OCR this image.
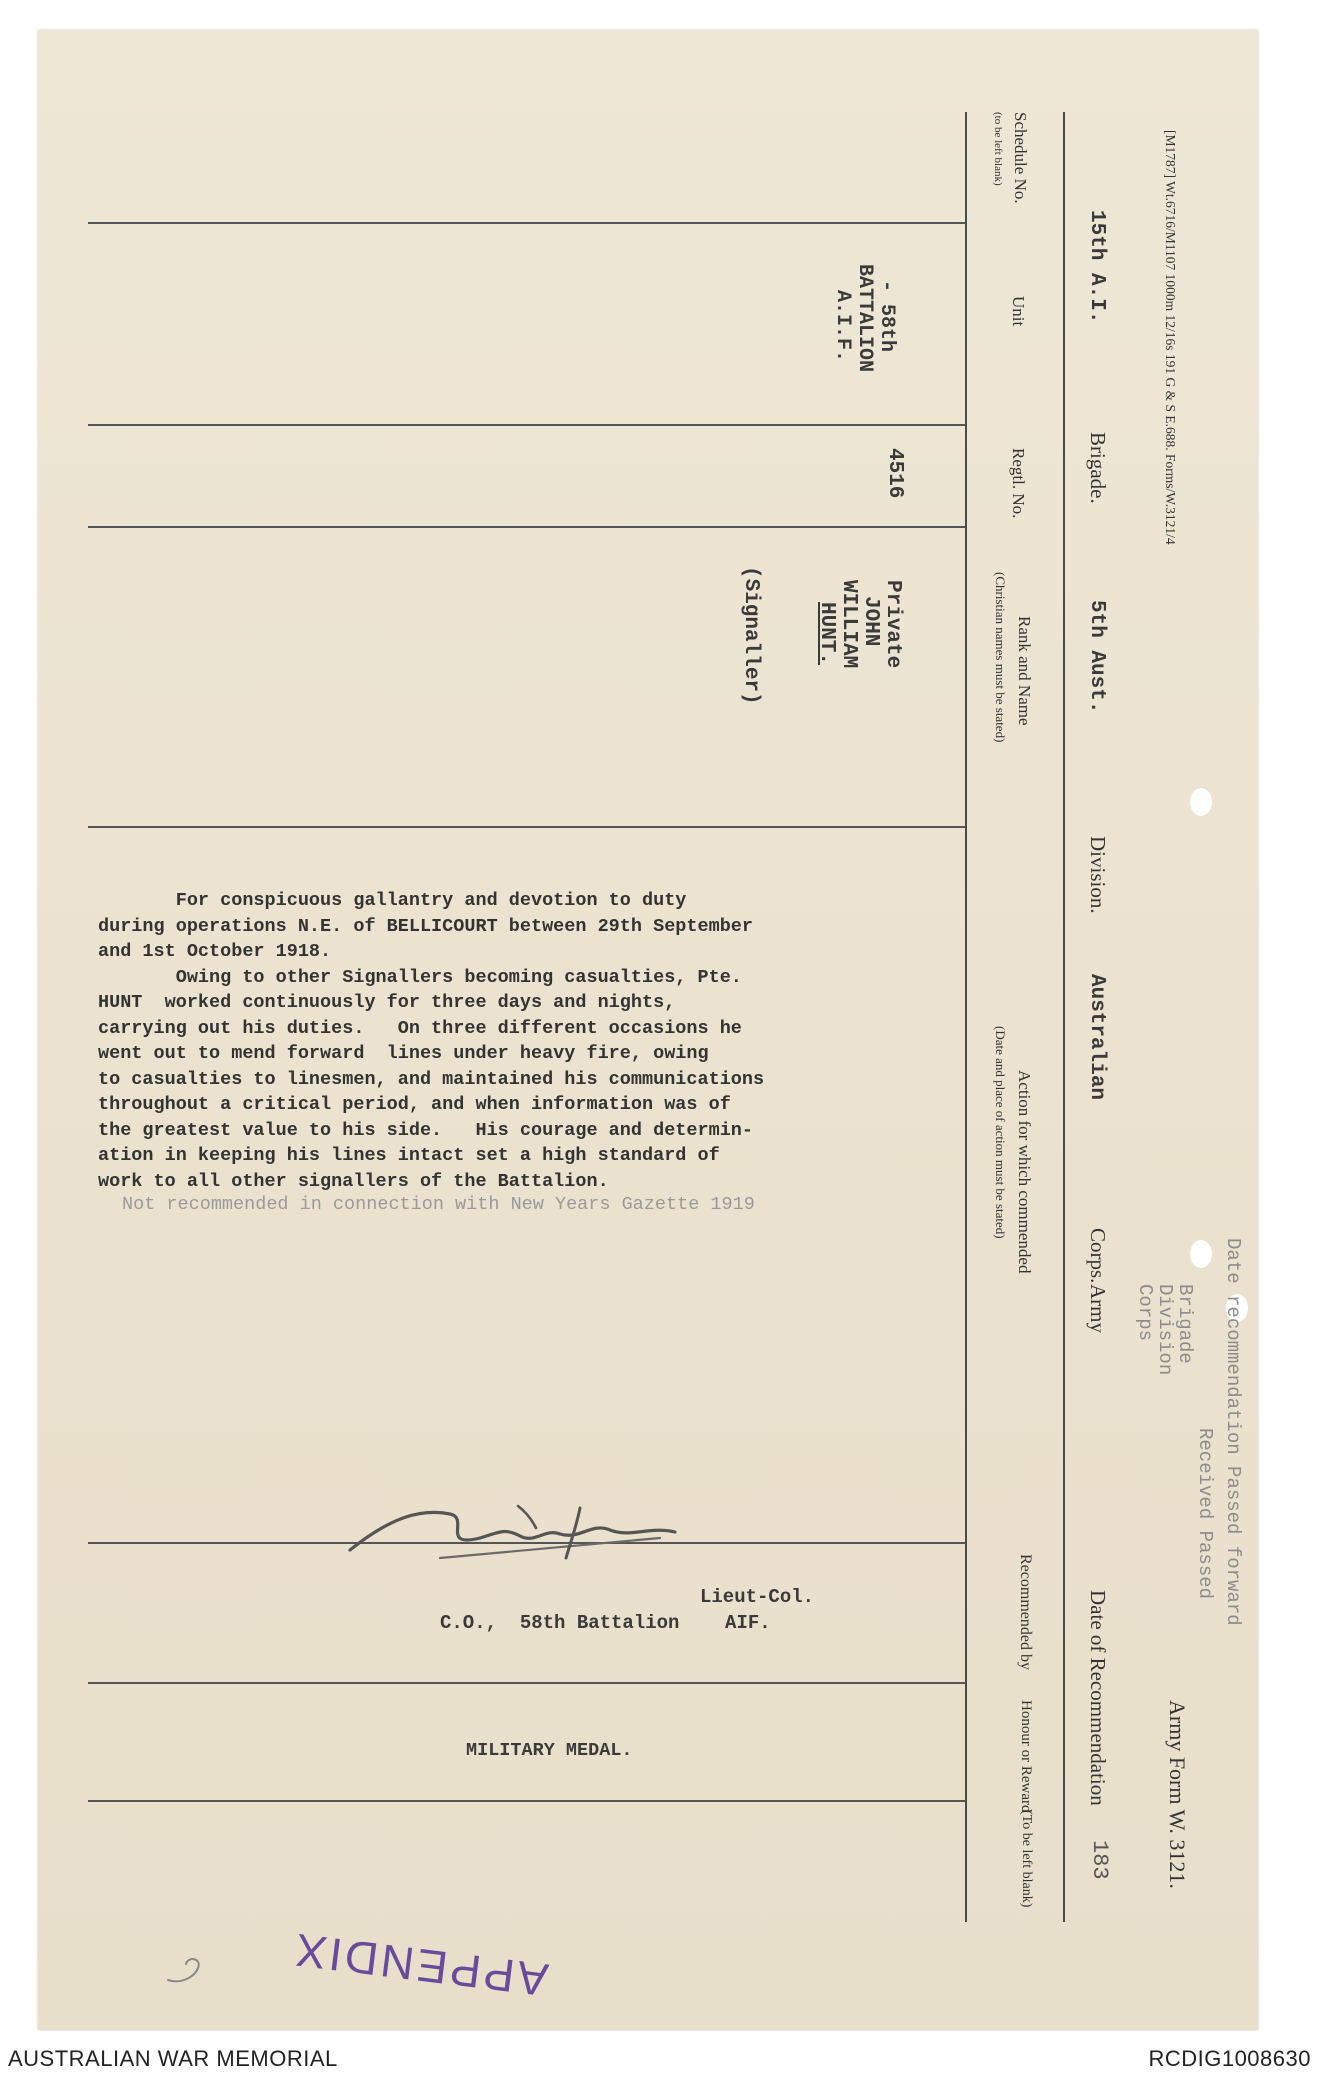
[M1787] Wt.6716/M1107 1000m 12/16s 191 G & S E.688. Forms/W.3121/4
Army Form W. 3121.
15th A.I.
Brigade.
5th Aust.
Division.
Australian
Corps.
Army
Date of Recommendation
183
Date recommendation Passed forward
Received Passed
Brigade
Division
Corps
Schedule No.
(to be left blank)
Unit
Regtl. No.
Rank and Name
(Christian names must be stated)
Action for which commended
(Date and place of action must be stated)
Recommended by
Honour or Reward
(To be left blank)
- 58th
BATTALION
A.I.F.
4516
Private
JOHN
WILLIAM
HUNT.
(Signaller)
For conspicuous gallantry and devotion to duty
during operations N.E. of BELLICOURT between 29th September
and 1st October 1918.
Owing to other Signallers becoming casualties, Pte.
HUNT  worked continuously for three days and nights,
carrying out his duties.   On three different occasions he
went out to mend forward  lines under heavy fire, owing
to casualties to linesmen, and maintained his communications
throughout a critical period, and when information was of
the greatest value to his side.   His courage and determin-
ation in keeping his lines intact set a high standard of
work to all other signallers of the Battalion.
Not recommended in connection with New Years Gazette 1919
Lieut-Col.
C.O.,  58th Battalion    AIF.
MILITARY MEDAL.
APPENDIX
AUSTRALIAN WAR MEMORIAL	RCDIG1008630
